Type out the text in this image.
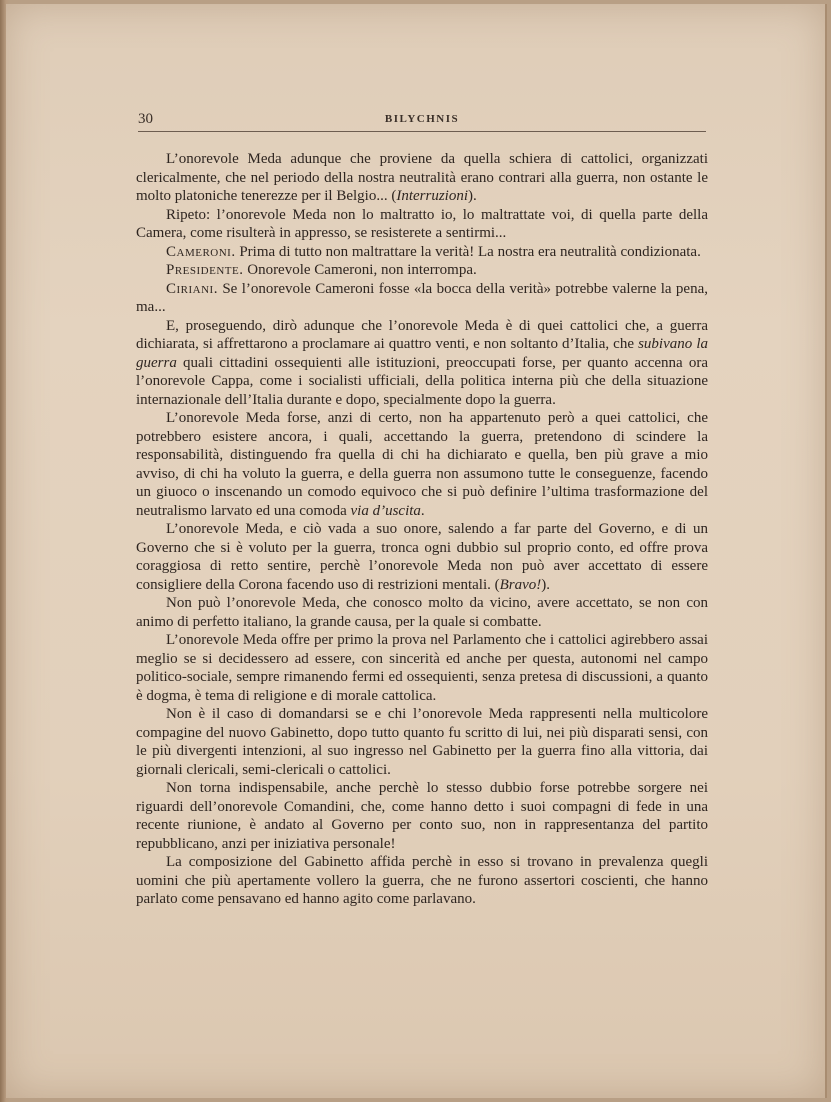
30	BILYCHNIS

L’onorevole Meda adunque che proviene da quella schiera di cattolici, organizzati clericalmente, che nel periodo della nostra neutralità erano contrari alla guerra, non ostante le molto platoniche tenerezze per il Belgio... (Interruzioni).

Ripeto: l’onorevole Meda non lo maltratto io, lo maltrattate voi, di quella parte della Camera, come risulterà in appresso, se resisterete a sentirmi...

Cameroni. Prima di tutto non maltrattare la verità! La nostra era neutralità condizionata.

Presidente. Onorevole Cameroni, non interrompa.

Ciriani. Se l’onorevole Cameroni fosse «la bocca della verità» potrebbe valerne la pena, ma...

E, proseguendo, dirò adunque che l’onorevole Meda è di quei cattolici che, a guerra dichiarata, si affrettarono a proclamare ai quattro venti, e non soltanto d’Italia, che subivano la guerra quali cittadini ossequienti alle istituzioni, preoccupati forse, per quanto accenna ora l’onorevole Cappa, come i socialisti ufficiali, della politica interna più che della situazione internazionale dell’Italia durante e dopo, specialmente dopo la guerra.

L’onorevole Meda forse, anzi di certo, non ha appartenuto però a quei cattolici, che potrebbero esistere ancora, i quali, accettando la guerra, pretendono di scindere la responsabilità, distinguendo fra quella di chi ha dichiarato e quella, ben più grave a mio avviso, di chi ha voluto la guerra, e della guerra non assumono tutte le conseguenze, facendo un giuoco o inscenando un comodo equivoco che si può definire l’ultima trasformazione del neutralismo larvato ed una comoda via d’uscita.

L’onorevole Meda, e ciò vada a suo onore, salendo a far parte del Governo, e di un Governo che si è voluto per la guerra, tronca ogni dubbio sul proprio conto, ed offre prova coraggiosa di retto sentire, perchè l’onorevole Meda non può aver accettato di essere consigliere della Corona facendo uso di restrizioni mentali. (Bravo!).

Non può l’onorevole Meda, che conosco molto da vicino, avere accettato, se non con animo di perfetto italiano, la grande causa, per la quale si combatte.

L’onorevole Meda offre per primo la prova nel Parlamento che i cattolici agirebbero assai meglio se si decidessero ad essere, con sincerità ed anche per questa, autonomi nel campo politico-sociale, sempre rimanendo fermi ed ossequienti, senza pretesa di discussioni, a quanto è dogma, è tema di religione e di morale cattolica.

Non è il caso di domandarsi se e chi l’onorevole Meda rappresenti nella multicolore compagine del nuovo Gabinetto, dopo tutto quanto fu scritto di lui, nei più disparati sensi, con le più divergenti intenzioni, al suo ingresso nel Gabinetto per la guerra fino alla vittoria, dai giornali clericali, semi-clericali o cattolici.

Non torna indispensabile, anche perchè lo stesso dubbio forse potrebbe sorgere nei riguardi dell’onorevole Comandini, che, come hanno detto i suoi compagni di fede in una recente riunione, è andato al Governo per conto suo, non in rappresentanza del partito repubblicano, anzi per iniziativa personale!

La composizione del Gabinetto affida perchè in esso si trovano in prevalenza quegli uomini che più apertamente vollero la guerra, che ne furono assertori coscienti, che hanno parlato come pensavano ed hanno agito come parlavano.
